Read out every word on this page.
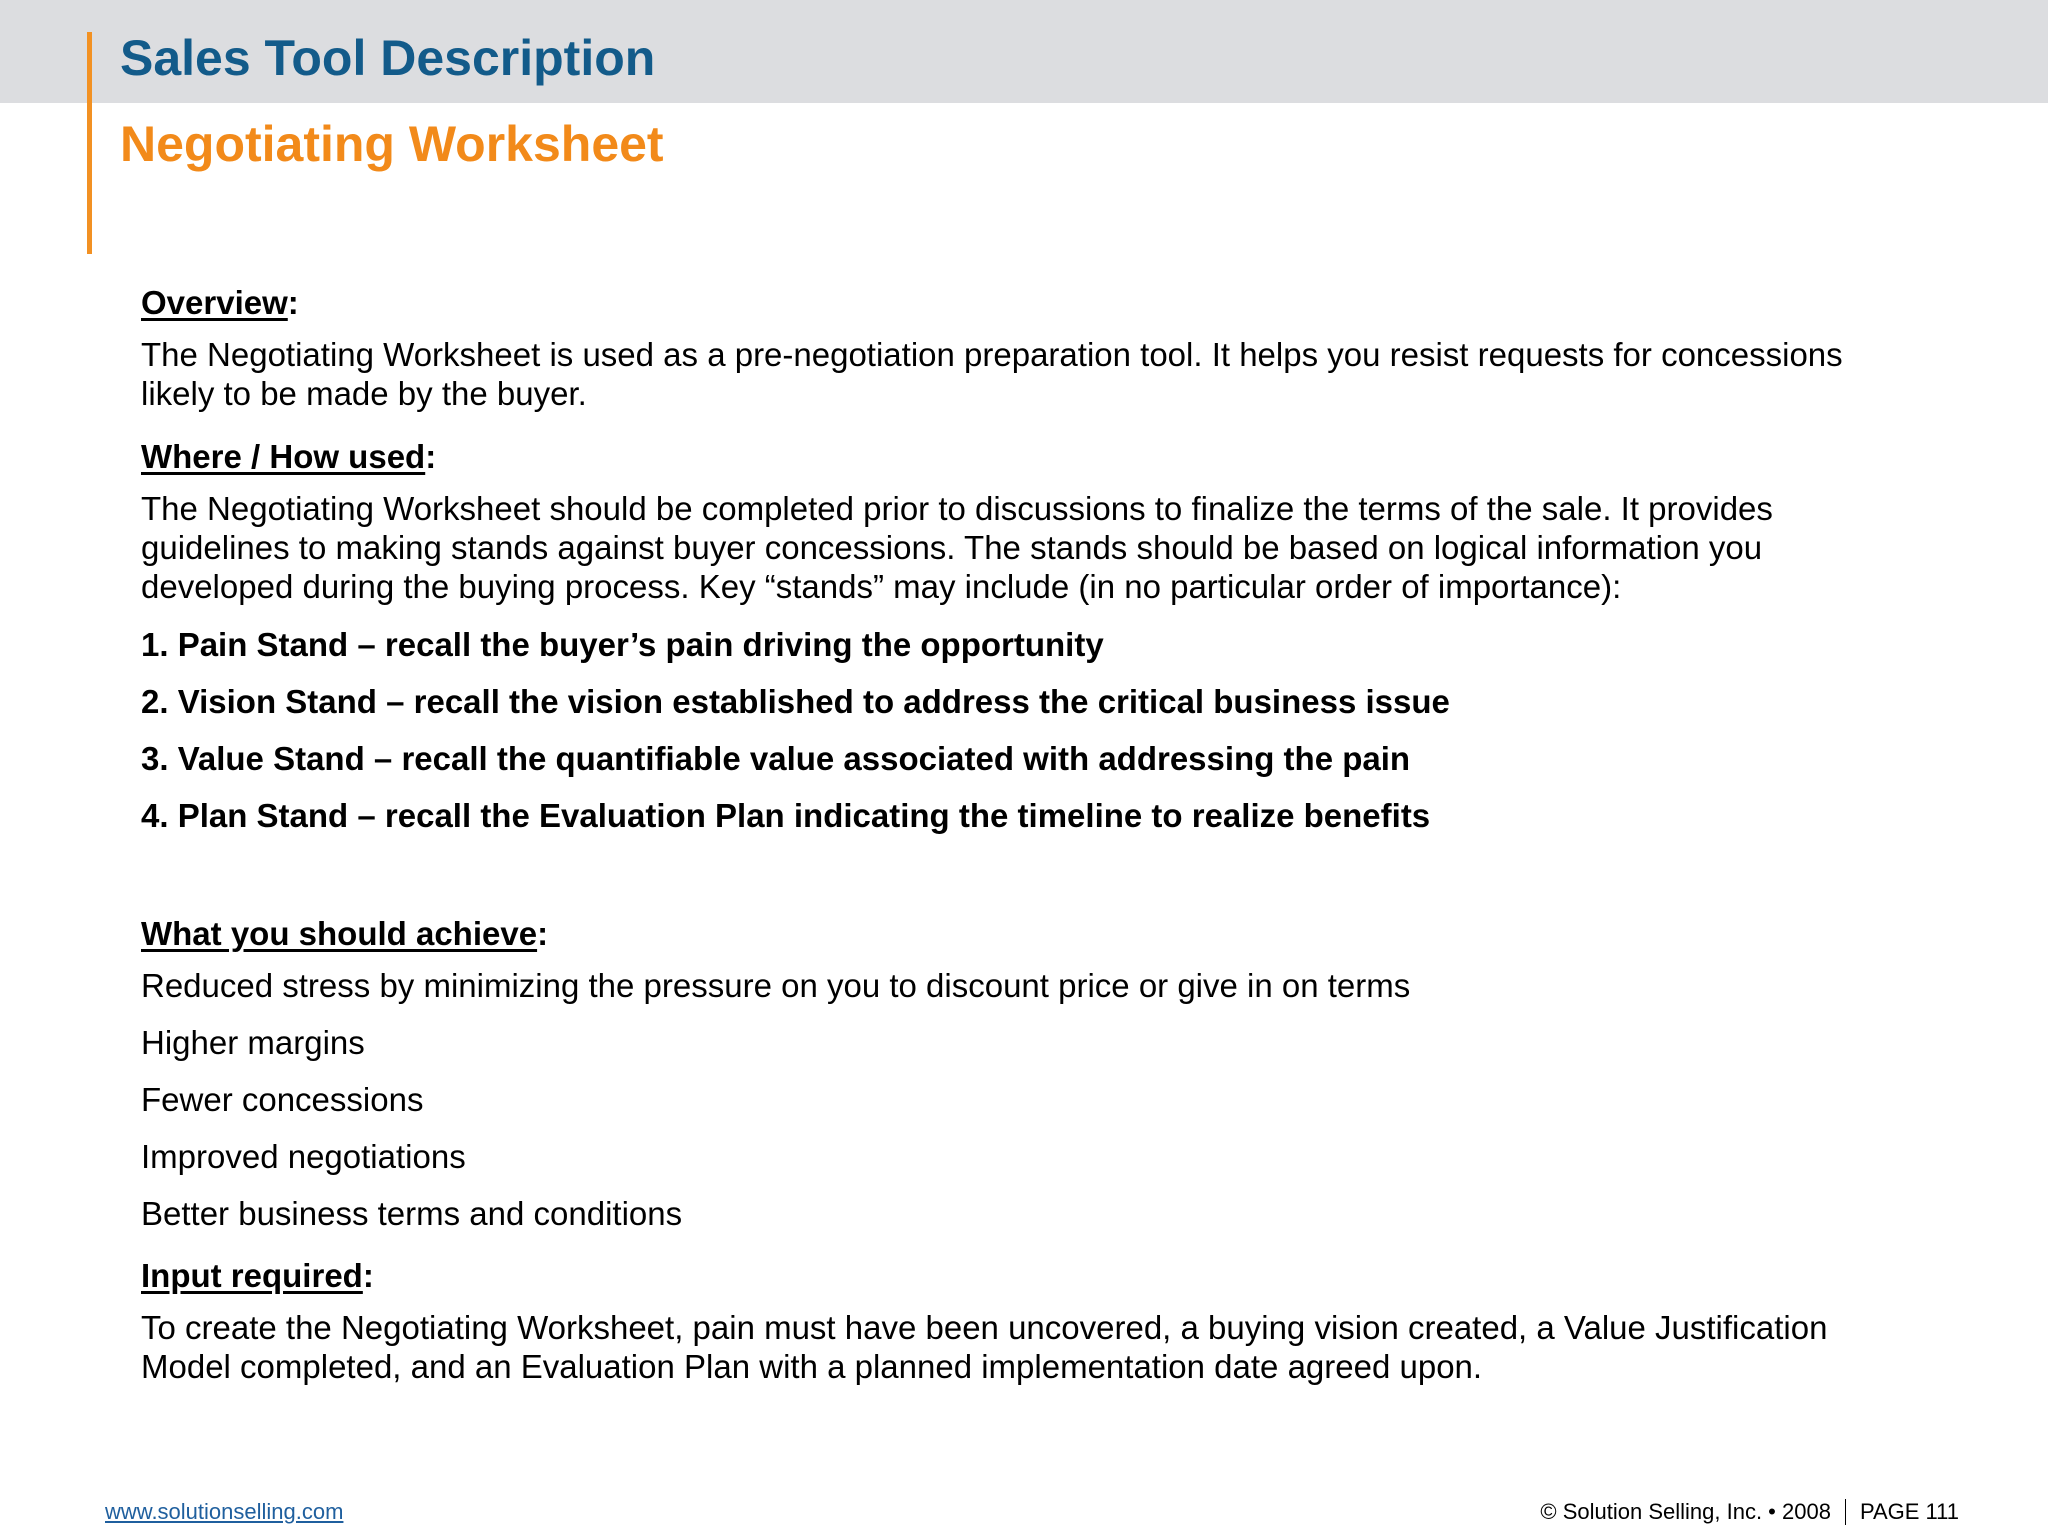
Sales Tool Description
Negotiating Worksheet
Overview:

The Negotiating Worksheet is used as a pre-negotiation preparation tool. It helps you resist requests for concessions likely to be made by the buyer.

Where / How used:

The Negotiating Worksheet should be completed prior to discussions to finalize the terms of the sale. It provides guidelines to making stands against buyer concessions. The stands should be based on logical information you developed during the buying process. Key “stands” may include (in no particular order of importance):

1. Pain Stand – recall the buyer’s pain driving the opportunity
2. Vision Stand – recall the vision established to address the critical business issue
3. Value Stand – recall the quantifiable value associated with addressing the pain
4. Plan Stand – recall the Evaluation Plan indicating the timeline to realize benefits
What you should achieve:
Reduced stress by minimizing the pressure on you to discount price or give in on terms
Higher margins
Fewer concessions
Improved negotiations
Better business terms and conditions
Input required:

To create the Negotiating Worksheet, pain must have been uncovered, a buying vision created, a Value Justification Model completed, and an Evaluation Plan with a planned implementation date agreed upon.

www.solutionselling.com	© Solution Selling, Inc. • 2008 PAGE 111
